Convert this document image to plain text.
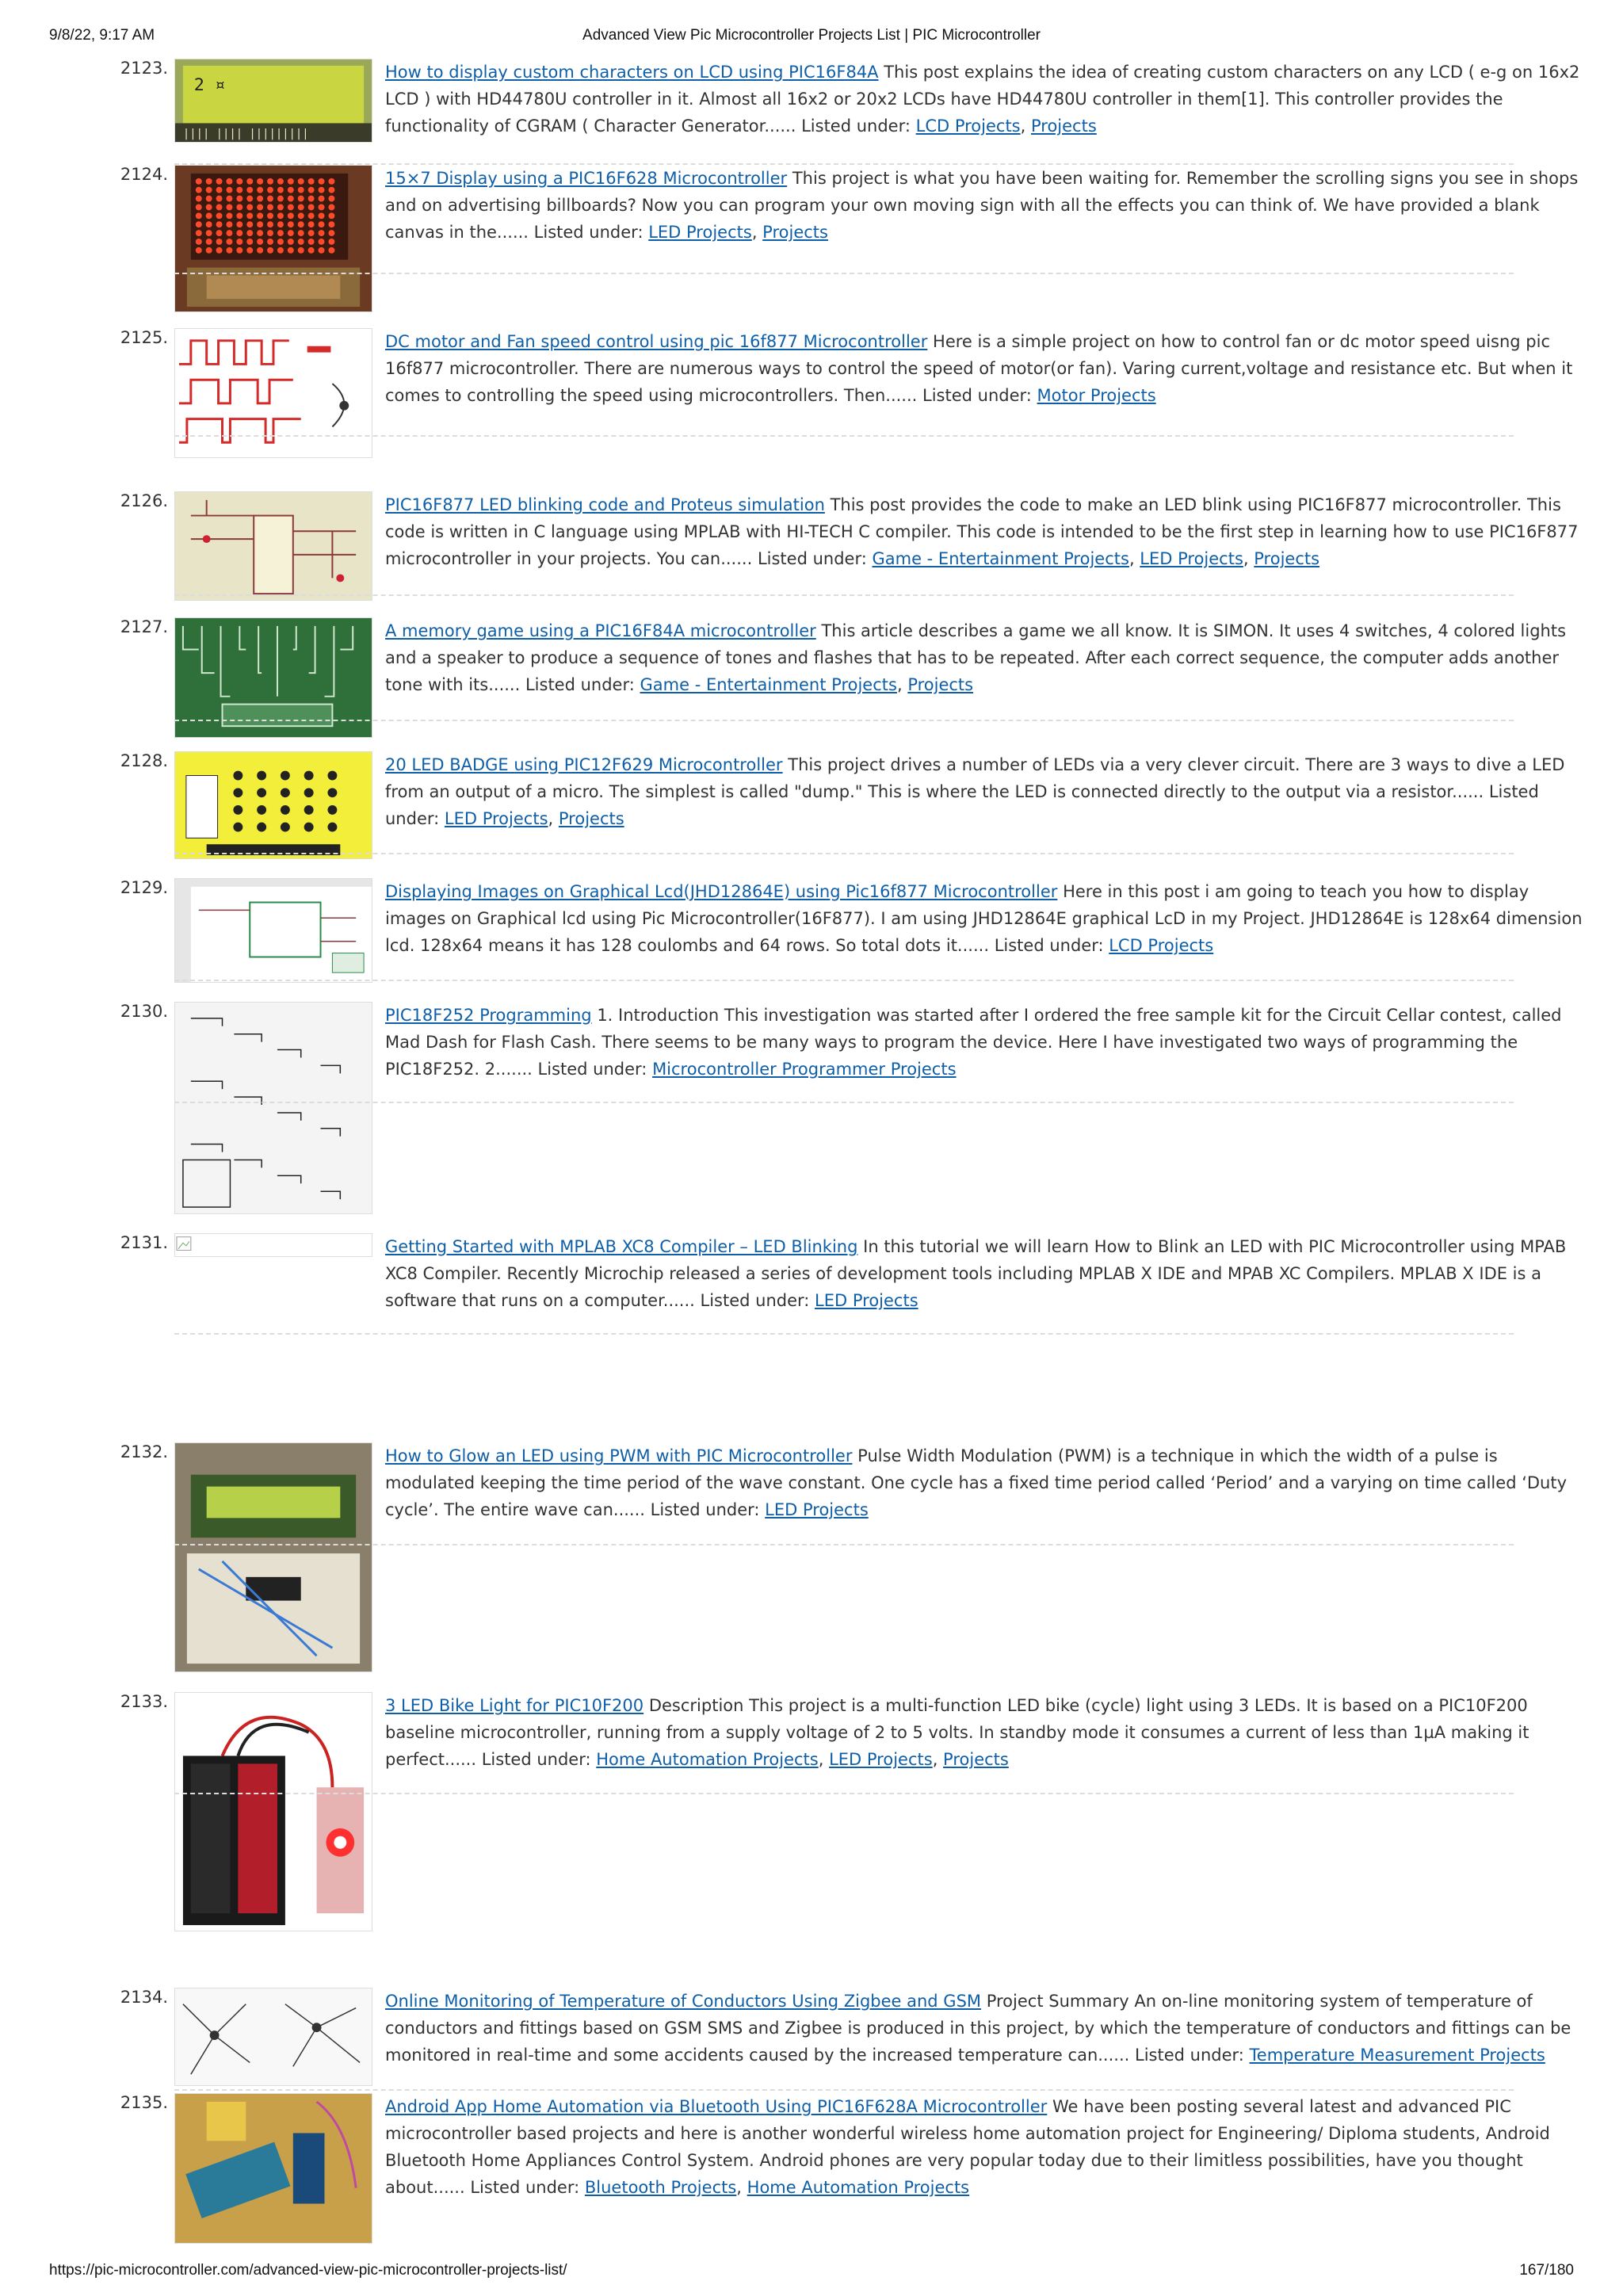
9/8/22, 9:17 AM	Advanced View Pic Microcontroller Projects List | PIC Microcontroller
2123.
2 ¤
|||| |||| |||||||||
How to display custom characters on LCD using PIC16F84A This post explains the idea of creating custom characters on any LCD ( e-g on 16x2 LCD ) with HD44780U controller in it. Almost all 16x2 or 20x2 LCDs have HD44780U controller in them[1]. This controller provides the functionality of CGRAM ( Character Generator...... Listed under: LCD Projects, Projects
2124.	15×7 Display using a PIC16F628 Microcontroller This project is what you have been waiting for. Remember the scrolling signs you see in shops and on advertising billboards? Now you can program your own moving sign with all the effects you can think of. We have provided a blank canvas in the...... Listed under: LED Projects, Projects
2125.	DC motor and Fan speed control using pic 16f877 Microcontroller Here is a simple project on how to control fan or dc motor speed uisng pic 16f877 microcontroller. There are numerous ways to control the speed of motor(or fan). Varing current,voltage and resistance etc. But when it comes to controlling the speed using microcontrollers. Then...... Listed under: Motor Projects
2126.	PIC16F877 LED blinking code and Proteus simulation This post provides the code to make an LED blink using PIC16F877 microcontroller. This code is written in C language using MPLAB with HI-TECH C compiler. This code is intended to be the first step in learning how to use PIC16F877 microcontroller in your projects. You can...... Listed under: Game - Entertainment Projects, LED Projects, Projects
2127.	A memory game using a PIC16F84A microcontroller This article describes a game we all know. It is SIMON. It uses 4 switches, 4 colored lights and a speaker to produce a sequence of tones and flashes that has to be repeated. After each correct sequence, the computer adds another tone with its...... Listed under: Game - Entertainment Projects, Projects
2128.	20 LED BADGE using PIC12F629 Microcontroller This project drives a number of LEDs via a very clever circuit. There are 3 ways to dive a LED from an output of a micro. The simplest is called "dump." This is where the LED is connected directly to the output via a resistor...... Listed under: LED Projects, Projects
2129.	Displaying Images on Graphical Lcd(JHD12864E) using Pic16f877 Microcontroller Here in this post i am going to teach you how to display images on Graphical lcd using Pic Microcontroller(16F877). I am using JHD12864E graphical LcD in my Project. JHD12864E is 128x64 dimension lcd. 128x64 means it has 128 coulombs and 64 rows. So total dots it...... Listed under: LCD Projects
2130.	PIC18F252 Programming 1. Introduction This investigation was started after I ordered the free sample kit for the Circuit Cellar contest, called Mad Dash for Flash Cash. There seems to be many ways to program the device. Here I have investigated two ways of programming the PIC18F252. 2....... Listed under: Microcontroller Programmer Projects
2131.	Getting Started with MPLAB XC8 Compiler – LED Blinking In this tutorial we will learn How to Blink an LED with PIC Microcontroller using MPAB XC8 Compiler. Recently Microchip released a series of development tools including MPLAB X IDE and MPAB XC Compilers. MPLAB X IDE is a software that runs on a computer...... Listed under: LED Projects
2132.	How to Glow an LED using PWM with PIC Microcontroller Pulse Width Modulation (PWM) is a technique in which the width of a pulse is modulated keeping the time period of the wave constant. One cycle has a fixed time period called ‘Period’ and a varying on time called ‘Duty cycle’. The entire wave can...... Listed under: LED Projects
2133.	3 LED Bike Light for PIC10F200 Description This project is a multi-function LED bike (cycle) light using 3 LEDs. It is based on a PIC10F200 baseline microcontroller, running from a supply voltage of 2 to 5 volts. In standby mode it consumes a current of less than 1µA making it perfect...... Listed under: Home Automation Projects, LED Projects, Projects
2134.	Online Monitoring of Temperature of Conductors Using Zigbee and GSM Project Summary An on-line monitoring system of temperature of conductors and fittings based on GSM SMS and Zigbee is produced in this project, by which the temperature of conductors and fittings can be monitored in real-time and some accidents caused by the increased temperature can...... Listed under: Temperature Measurement Projects
2135.	Android App Home Automation via Bluetooth Using PIC16F628A Microcontroller We have been posting several latest and advanced PIC microcontroller based projects and here is another wonderful wireless home automation project for Engineering/ Diploma students, Android Bluetooth Home Appliances Control System. Android phones are very popular today due to their limitless possibilities, have you thought about...... Listed under: Bluetooth Projects, Home Automation Projects
https://pic-microcontroller.com/advanced-view-pic-microcontroller-projects-list/	167/180
